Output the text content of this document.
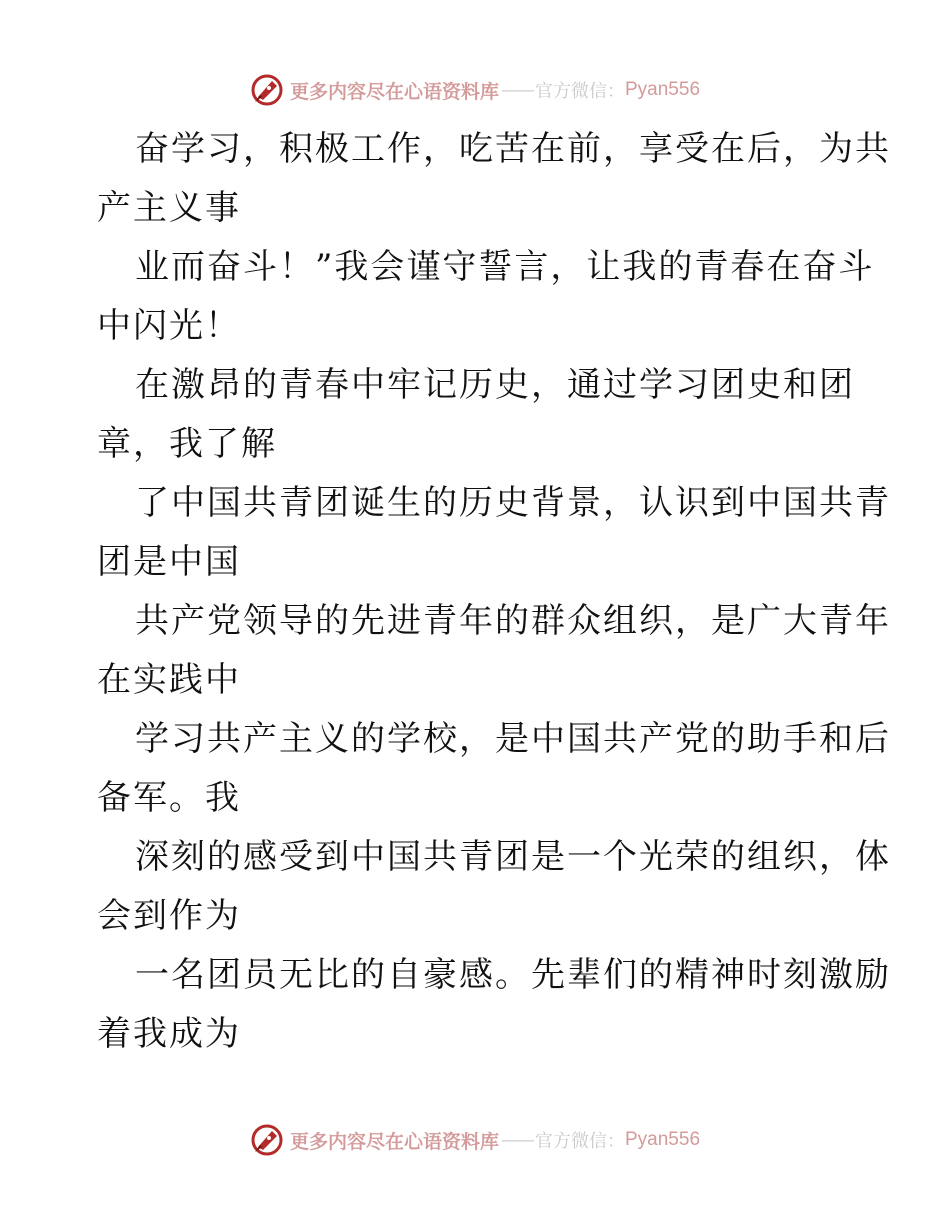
更多内容尽在心语资料库 —— 官方微信： Pyan556
奋学习，积极工作，吃苦在前，享受在后，为共
产主义事
业而奋斗！”我会谨守誓言，让我的青春在奋斗
中闪光！
在激昂的青春中牢记历史，通过学习团史和团
章，我了解
了中国共青团诞生的历史背景，认识到中国共青
团是中国
共产党领导的先进青年的群众组织，是广大青年
在实践中
学习共产主义的学校，是中国共产党的助手和后
备军。我
深刻的感受到中国共青团是一个光荣的组织，体
会到作为
一名团员无比的自豪感。先辈们的精神时刻激励
着我成为
更多内容尽在心语资料库 —— 官方微信： Pyan556
